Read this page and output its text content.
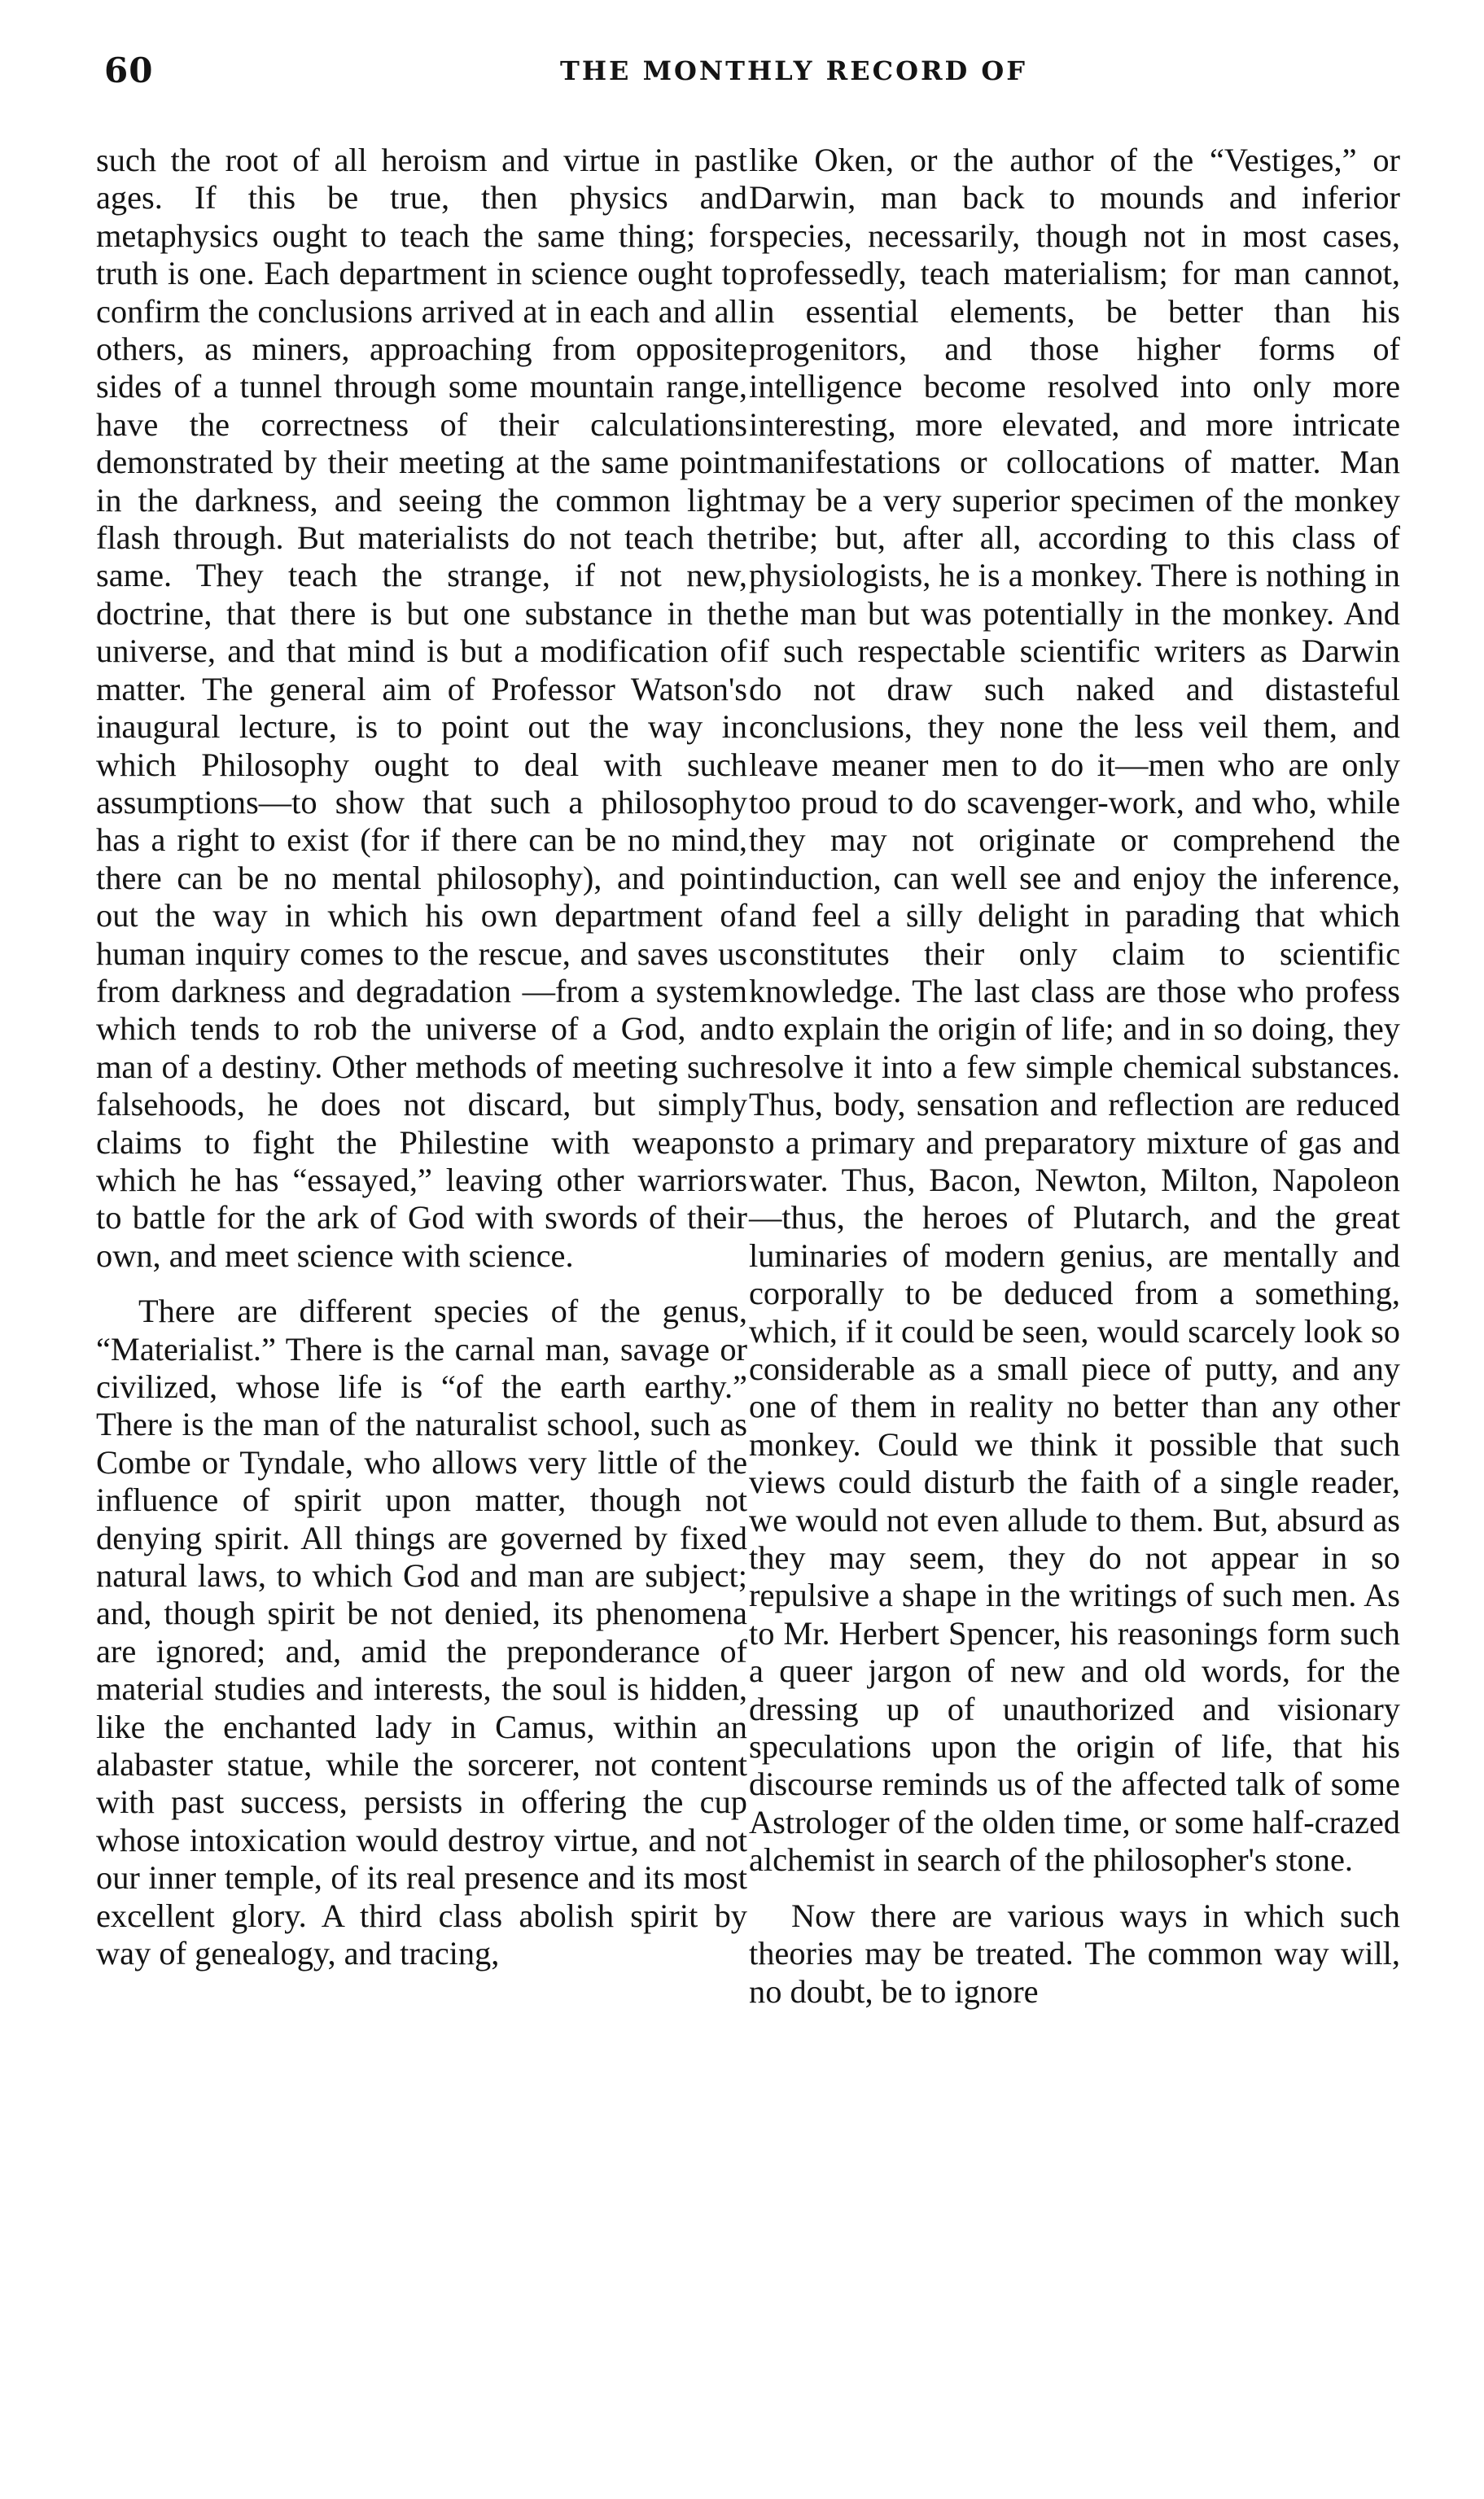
60	THE MONTHLY RECORD OF

such the root of all heroism and virtue in past ages. If this be true, then physics and metaphysics ought to teach the same thing; for truth is one. Each department in science ought to confirm the conclusions arrived at in each and all others, as miners, approaching from opposite sides of a tunnel through some mountain range, have the correctness of their calculations demonstrated by their meeting at the same point in the darkness, and seeing the common light flash through. But materialists do not teach the same. They teach the strange, if not new, doctrine, that there is but one substance in the universe, and that mind is but a modification of matter. The general aim of Professor Watson's inaugural lecture, is to point out the way in which Philosophy ought to deal with such assumptions—to show that such a philosophy has a right to exist (for if there can be no mind, there can be no mental philosophy), and point out the way in which his own department of human inquiry comes to the rescue, and saves us from darkness and degradation —from a system which tends to rob the universe of a God, and man of a destiny. Other methods of meeting such falsehoods, he does not discard, but simply claims to fight the Philestine with weapons which he has “essayed,” leaving other warriors to battle for the ark of God with swords of their own, and meet science with science.

There are different species of the genus, “Materialist.” There is the carnal man, savage or civilized, whose life is “of the earth earthy.” There is the man of the naturalist school, such as Combe or Tyndale, who allows very little of the influence of spirit upon matter, though not denying spirit. All things are governed by fixed natural laws, to which God and man are subject; and, though spirit be not denied, its phenomena are ignored; and, amid the preponderance of material studies and interests, the soul is hidden, like the enchanted lady in Camus, within an alabaster statue, while the sorcerer, not content with past success, persists in offering the cup whose intoxication would destroy virtue, and not our inner temple, of its real presence and its most excellent glory. A third class abolish spirit by way of genealogy, and tracing,

like Oken, or the author of the “Vestiges,” or Darwin, man back to mounds and inferior species, necessarily, though not in most cases, professedly, teach materialism; for man cannot, in essential elements, be better than his progenitors, and those higher forms of intelligence become resolved into only more interesting, more elevated, and more intricate manifestations or collocations of matter. Man may be a very superior specimen of the monkey tribe; but, after all, according to this class of physiologists, he is a monkey. There is nothing in the man but was potentially in the monkey. And if such respectable scientific writers as Darwin do not draw such naked and distasteful conclusions, they none the less veil them, and leave meaner men to do it—men who are only too proud to do scavenger-work, and who, while they may not originate or comprehend the induction, can well see and enjoy the inference, and feel a silly delight in parading that which constitutes their only claim to scientific knowledge. The last class are those who profess to explain the origin of life; and in so doing, they resolve it into a few simple chemical substances. Thus, body, sensation and reflection are reduced to a primary and preparatory mixture of gas and water. Thus, Bacon, Newton, Milton, Napoleon —thus, the heroes of Plutarch, and the great luminaries of modern genius, are mentally and corporally to be deduced from a something, which, if it could be seen, would scarcely look so considerable as a small piece of putty, and any one of them in reality no better than any other monkey. Could we think it possible that such views could disturb the faith of a single reader, we would not even allude to them. But, absurd as they may seem, they do not appear in so repulsive a shape in the writings of such men. As to Mr. Herbert Spencer, his reasonings form such a queer jargon of new and old words, for the dressing up of unauthorized and visionary speculations upon the origin of life, that his discourse reminds us of the affected talk of some Astrologer of the olden time, or some half-crazed alchemist in search of the philosopher's stone.

Now there are various ways in which such theories may be treated. The common way will, no doubt, be to ignore
